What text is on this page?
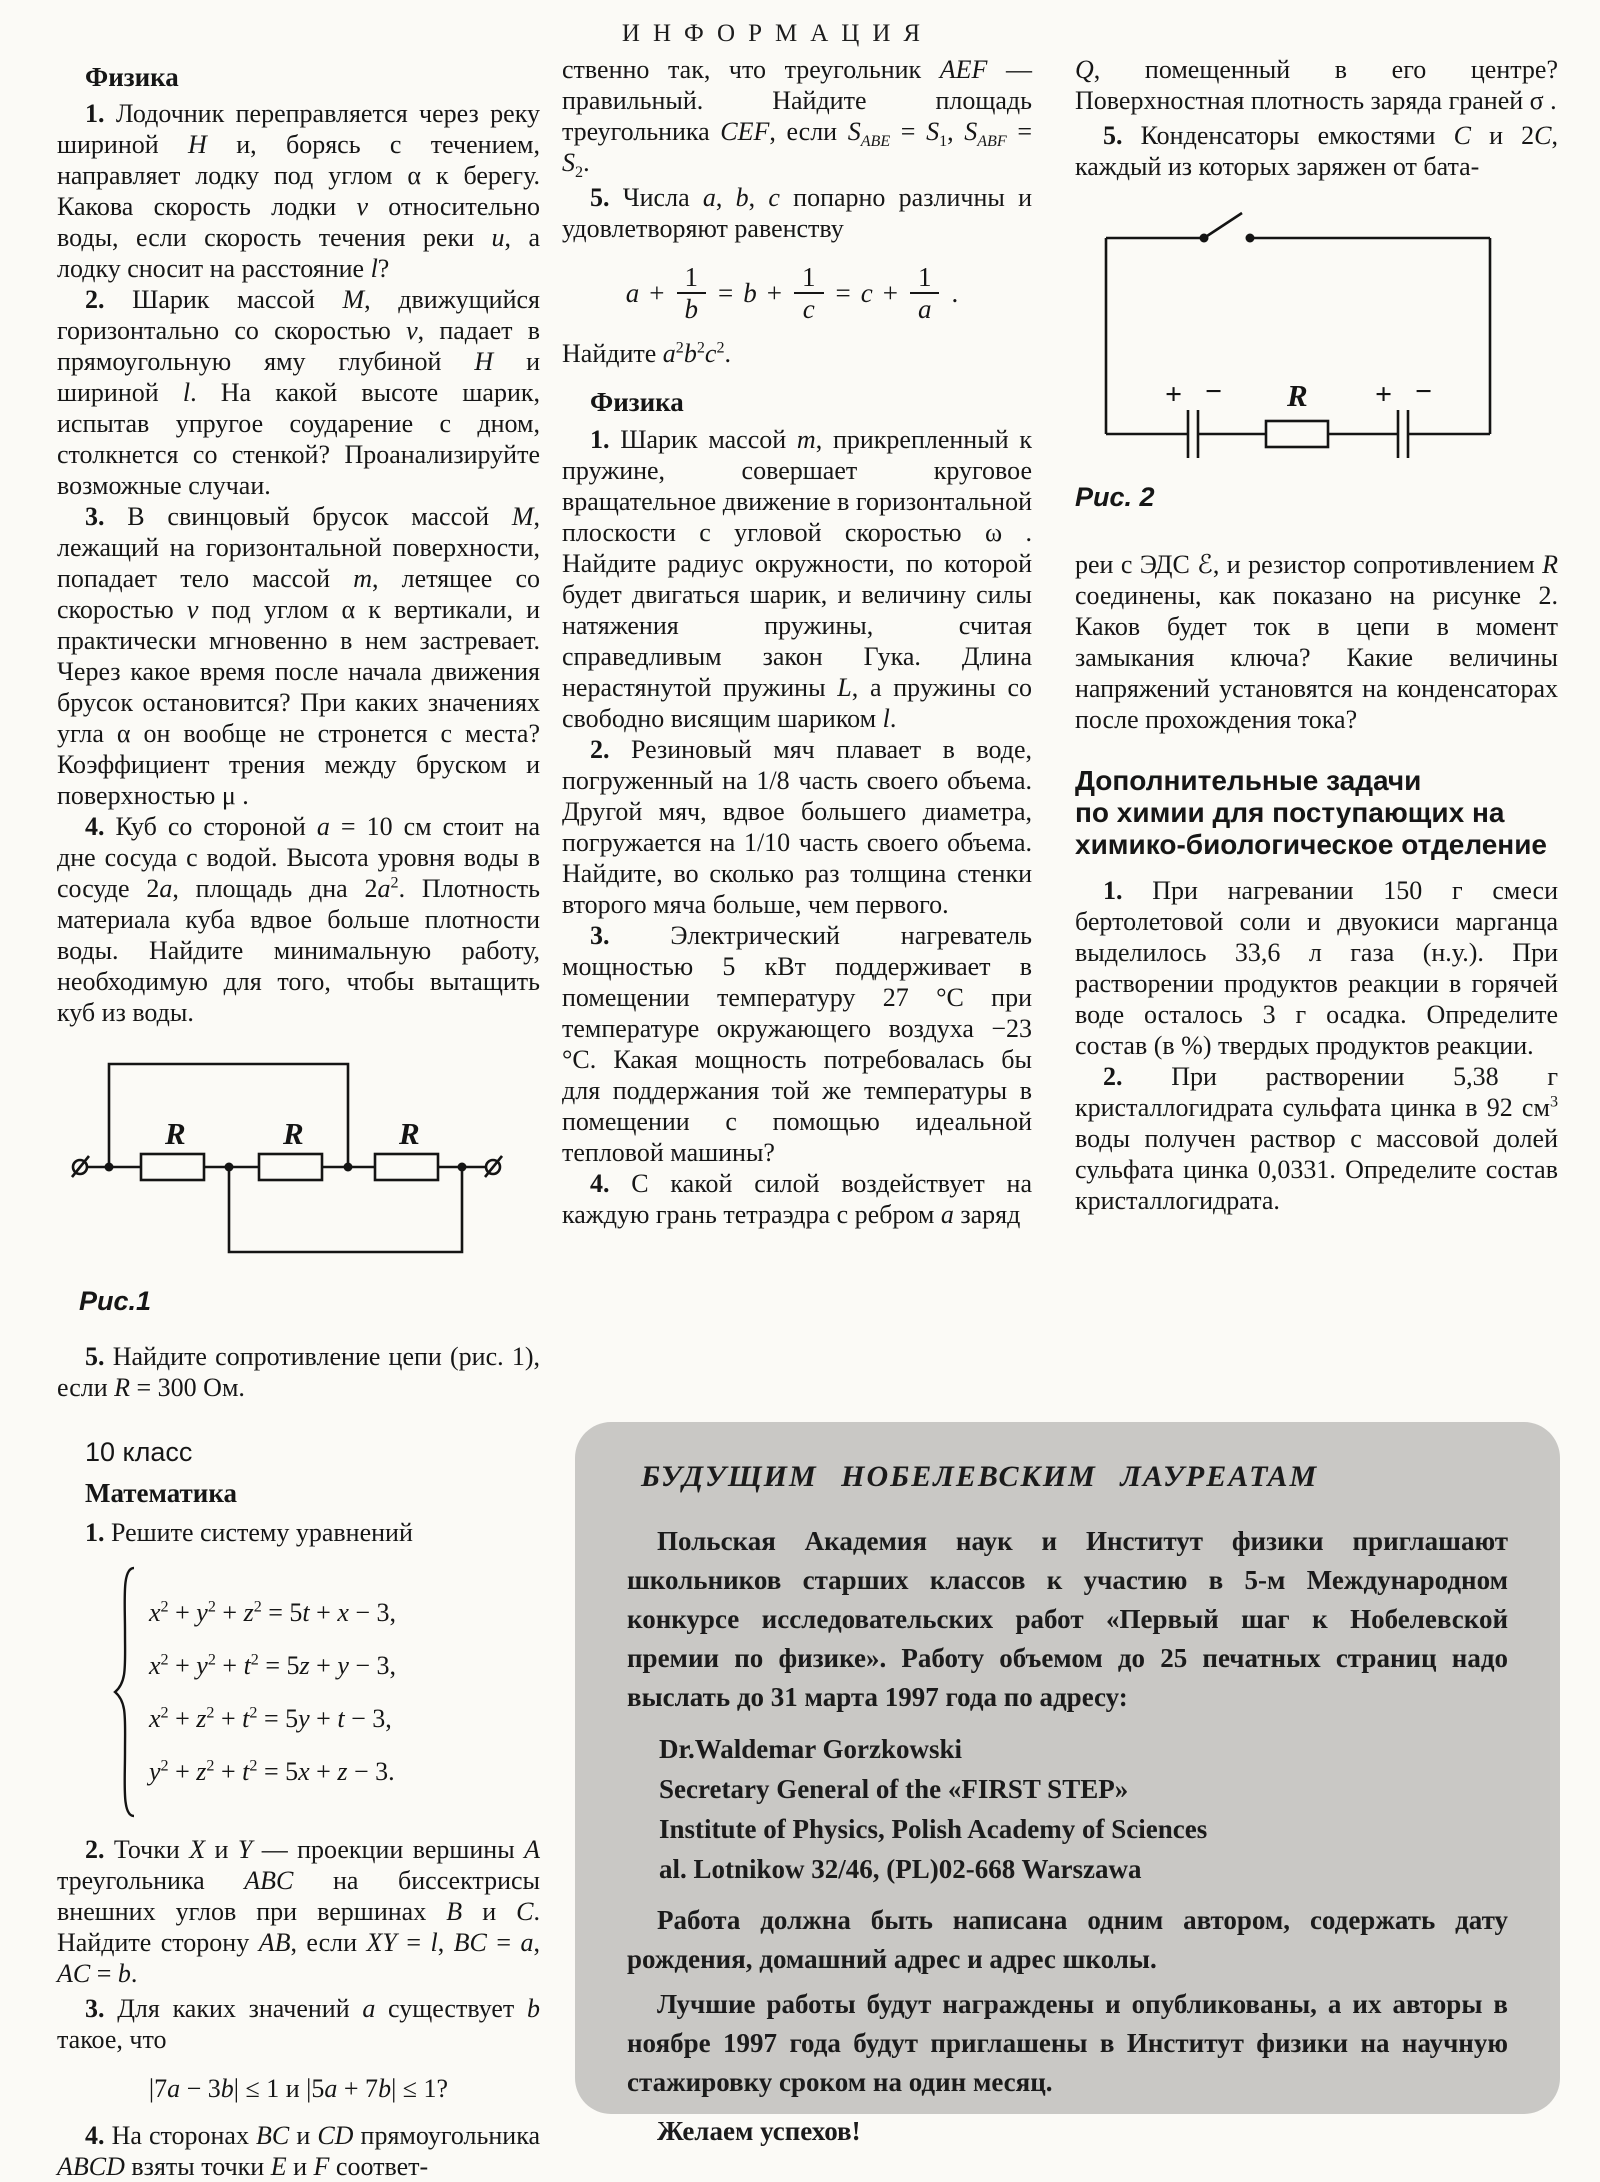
ИНФОРМАЦИЯ
Физика

1. Лодочник переправляется через реку шириной H и, борясь с течением, направляет лодку под углом α к берегу. Какова скорость лодки v относительно воды, если скорость течения реки u, а лодку сносит на расстояние l?

2. Шарик массой M, движущийся горизонтально со скоростью v, падает в прямоугольную яму глубиной H и шириной l. На какой высоте шарик, испытав упругое соударение с дном, столкнется со стенкой? Проанализируйте возможные случаи.

3. В свинцовый брусок массой M, лежащий на горизонтальной поверхности, попадает тело массой m, летящее со скоростью v под углом α к вертикали, и практически мгновенно в нем застревает. Через какое время после начала движения брусок остановится? При каких значениях угла α он вообще не стронется с места? Коэффициент трения между бруском и поверхностью μ .

4. Куб со стороной a = 10 см стоит на дне сосуда с водой. Высота уровня воды в сосуде 2a, площадь дна $2a^2$. Плотность материала куба вдвое больше плотности воды. Найдите минимальную работу, необходимую для того, чтобы вытащить куб из воды.

R	R	R
Рис.1

5. Найдите сопротивление цепи (рис. 1), если R = 300 Ом.

10 класс
Математика

1. Решите систему уравнений

$x^2 + y^2 + z^2 = 5t + x - 3$,
$x^2 + y^2 + t^2 = 5z + y - 3$,
$x^2 + z^2 + t^2 = 5y + t - 3$,
$y^2 + z^2 + t^2 = 5x + z - 3$.

2. Точки X и Y — проекции вершины A треугольника ABC на биссектрисы внешних углов при вершинах B и C. Найдите сторону AB, если XY = l, BC = a, AC = b.

3. Для каких значений a существует b такое, что

|7a − 3b| ≤ 1 и |5a + 7b| ≤ 1?

4. На сторонах BC и CD прямоугольника ABCD взяты точки E и F соответ-

ственно так, что треугольник AEF — правильный. Найдите площадь треугольника CEF, если $S_{ABE} = S_1$, $S_{ABF} = S_2$.

5. Числа a, b, c попарно различны и удовлетворяют равенству

$a + \frac{1}{b} = b + \frac{1}{c} = c + \frac{1}{a}$ .

Найдите $a^2b^2c^2$.

Физика

1. Шарик массой m, прикрепленный к пружине, совершает круговое вращательное движение в горизонтальной плоскости с угловой скоростью ω . Найдите радиус окружности, по которой будет двигаться шарик, и величину силы натяжения пружины, считая справедливым закон Гука. Длина нерастянутой пружины L, а пружины со свободно висящим шариком l.

2. Резиновый мяч плавает в воде, погруженный на 1/8 часть своего объема. Другой мяч, вдвое большего диаметра, погружается на 1/10 часть своего объема. Найдите, во сколько раз толщина стенки второго мяча больше, чем первого.

3. Электрический нагреватель мощностью 5 кВт поддерживает в помещении температуру 27 °С при температуре окружающего воздуха −23 °С. Какая мощность потребовалась бы для поддержания той же температуры в помещении с помощью идеальной тепловой машины?

4. С какой силой воздействует на каждую грань тетраэдра с ребром a заряд

Q, помещенный в его центре? Поверхностная плотность заряда граней σ .

5. Конденсаторы емкостями C и 2C, каждый из которых заряжен от бата-

+ − R + −
Рис. 2

реи с ЭДС ℰ, и резистор сопротивлением R соединены, как показано на рисунке 2. Каков будет ток в цепи в момент замыкания ключа? Какие величины напряжений установятся на конденсаторах после прохождения тока?

Дополнительные задачи
по химии для поступающих на
химико-биологическое отделение

1. При нагревании 150 г смеси бертолетовой соли и двуокиси марганца выделилось 33,6 л газа (н.у.). При растворении продуктов реакции в горячей воде осталось 3 г осадка. Определите состав (в %) твердых продуктов реакции.

2. При растворении 5,38 г кристаллогидрата сульфата цинка в 92 $см^3$ воды получен раствор с массовой долей сульфата цинка 0,0331. Определите состав кристаллогидрата.

БУДУЩИМ НОБЕЛЕВСКИМ ЛАУРЕАТАМ

Польская Академия наук и Институт физики приглашают школьников старших классов к участию в 5-м Международном конкурсе исследовательских работ «Первый шаг к Нобелевской премии по физике». Работу объемом до 25 печатных страниц надо выслать до 31 марта 1997 года по адресу:

Dr.Waldemar Gorzkowski
Secretary General of the «FIRST STEP»
Institute of Physics, Polish Academy of Sciences
al. Lotnikow 32/46, (PL)02-668 Warszawa

Работа должна быть написана одним автором, содержать дату рождения, домашний адрес и адрес школы.

Лучшие работы будут награждены и опубликованы, а их авторы в ноябре 1997 года будут приглашены в Институт физики на научную стажировку сроком на один месяц.

Желаем успехов!
